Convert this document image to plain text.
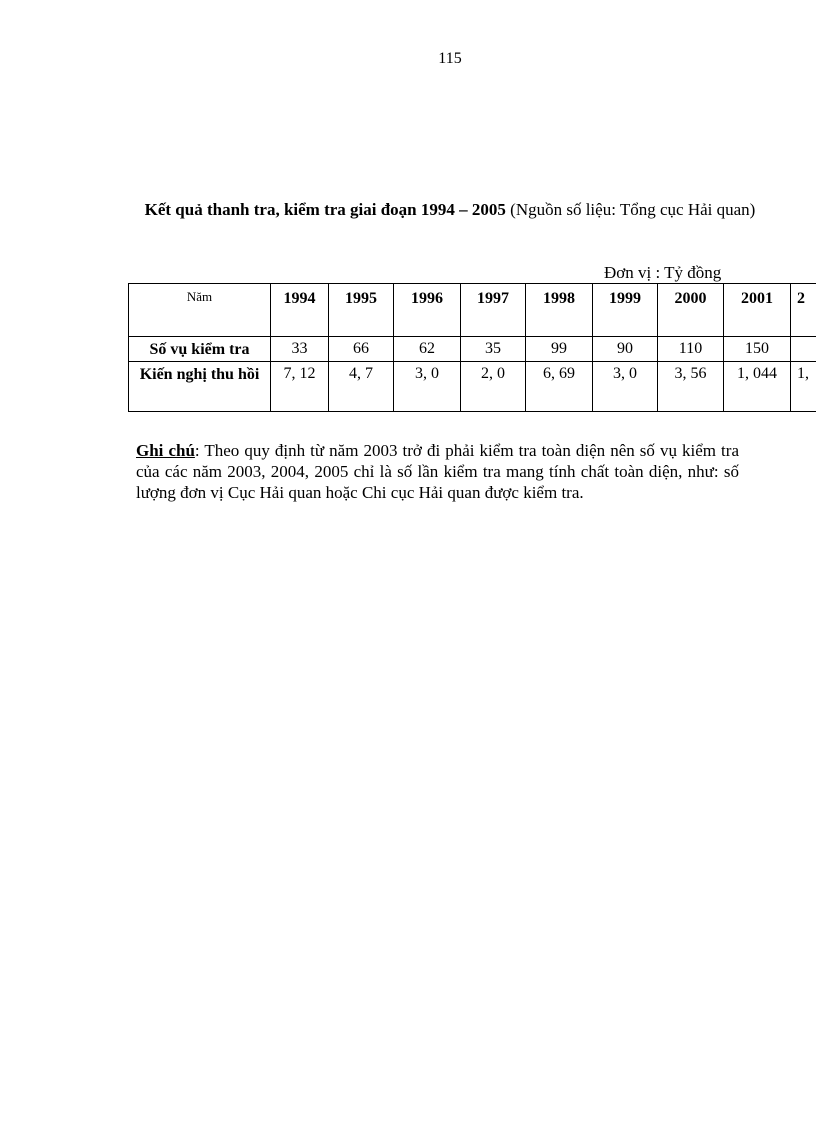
115
Kết quả thanh tra, kiểm tra giai đoạn 1994 – 2005 (Nguồn số liệu: Tổng cục Hải quan)
Đơn vị : Tỷ đồng
Năm	1994	1995	1996	1997	1998	1999	2000	2001	2
Số vụ kiểm tra	33	66	62	35	99	90	110	150	
Kiến nghị thu hồi	7, 12	4, 7	3, 0	2, 0	6, 69	3, 0	3, 56	1, 044	1,
Ghi chú: Theo quy định từ năm 2003 trở đi phải kiểm tra toàn diện nên số vụ kiểm tra của các năm 2003, 2004, 2005 chỉ là số lần kiểm tra mang tính chất toàn diện, như: số lượng đơn vị Cục Hải quan hoặc Chi cục Hải quan được kiểm tra.
